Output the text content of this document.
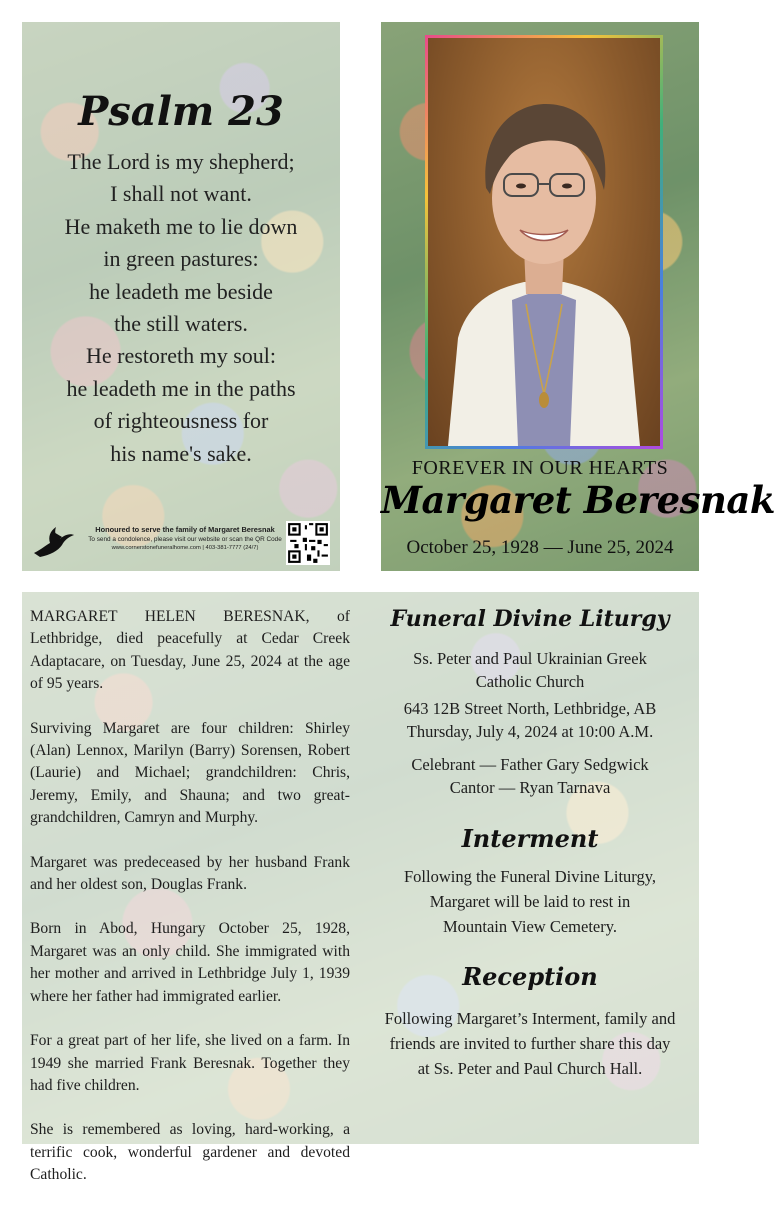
Psalm 23
The Lord is my shepherd;
I shall not want.
He maketh me to lie down
in green pastures:
he leadeth me beside
the still waters.
He restoreth my soul:
he leadeth me in the paths
of righteousness for
his name's sake.
Honoured to serve the family of Margaret Beresnak
To send a condolence, please visit our website or scan the QR Code
www.cornerstonefuneralhome.com | 403-381-7777 (24/7)
FOREVER IN OUR HEARTS
Margaret Beresnak
October 25, 1928 — June 25, 2024

MARGARET HELEN BERESNAK, of Lethbridge, died peacefully at Cedar Creek Adaptacare, on Tuesday, June 25, 2024 at the age of 95 years.

Surviving Margaret are four children: Shirley (Alan) Lennox, Marilyn (Barry) Sorensen, Robert (Laurie) and Michael; grandchildren: Chris, Jeremy, Emily, and Shauna; and two great-grandchildren, Camryn and Murphy.

Margaret was predeceased by her husband Frank and her oldest son, Douglas Frank.

Born in Abod, Hungary October 25, 1928, Margaret was an only child. She immigrated with her mother and arrived in Lethbridge July 1, 1939 where her father had immigrated earlier.

For a great part of her life, she lived on a farm. In 1949 she married Frank Beresnak. Together they had five children.

She is remembered as loving, hard-working, a terrific cook, wonderful gardener and devoted Catholic.

Funeral Divine Liturgy
Ss. Peter and Paul Ukrainian Greek
Catholic Church
643 12B Street North, Lethbridge, AB
Thursday, July 4, 2024 at 10:00 A.M.
Celebrant — Father Gary Sedgwick
Cantor — Ryan Tarnava
Interment
Following the Funeral Divine Liturgy,
Margaret will be laid to rest in
Mountain View Cemetery.
Reception
Following Margaret’s Interment, family and
friends are invited to further share this day
at Ss. Peter and Paul Church Hall.
